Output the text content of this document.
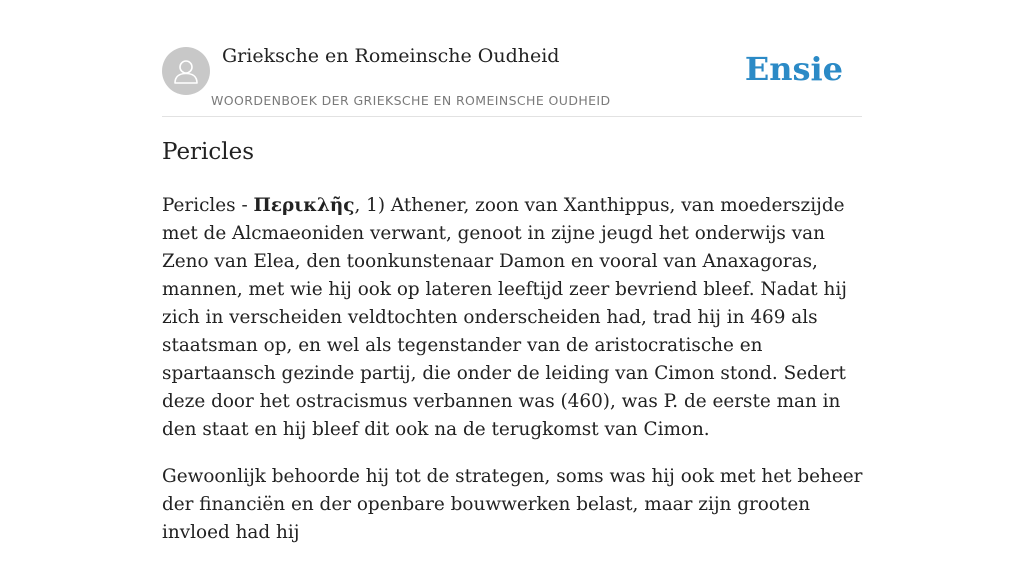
Grieksche en Romeinsche Oudheid
WOORDENBOEK DER GRIEKSCHE EN ROMEINSCHE OUDHEID
Ensie
Pericles

Pericles - Περικλῆς, 1) Athener, zoon van Xanthippus, van moederszijde met de Alcmaeoniden verwant, genoot in zijne jeugd het onderwijs van Zeno van Elea, den toonkunstenaar Damon en vooral van Anaxagoras, mannen, met wie hij ook op lateren leeftijd zeer bevriend bleef. Nadat hij zich in verscheiden veldtochten onderscheiden had, trad hij in 469 als staatsman op, en wel als tegenstander van de aristocratische en spartaansch gezinde partij, die onder de leiding van Cimon stond. Sedert deze door het ostracismus verbannen was (460), was P. de eerste man in den staat en hij bleef dit ook na de terugkomst van Cimon.

Gewoonlijk behoorde hij tot de strategen, soms was hij ook met het beheer der financiën en der openbare bouwwerken belast, maar zijn grooten invloed had hij
